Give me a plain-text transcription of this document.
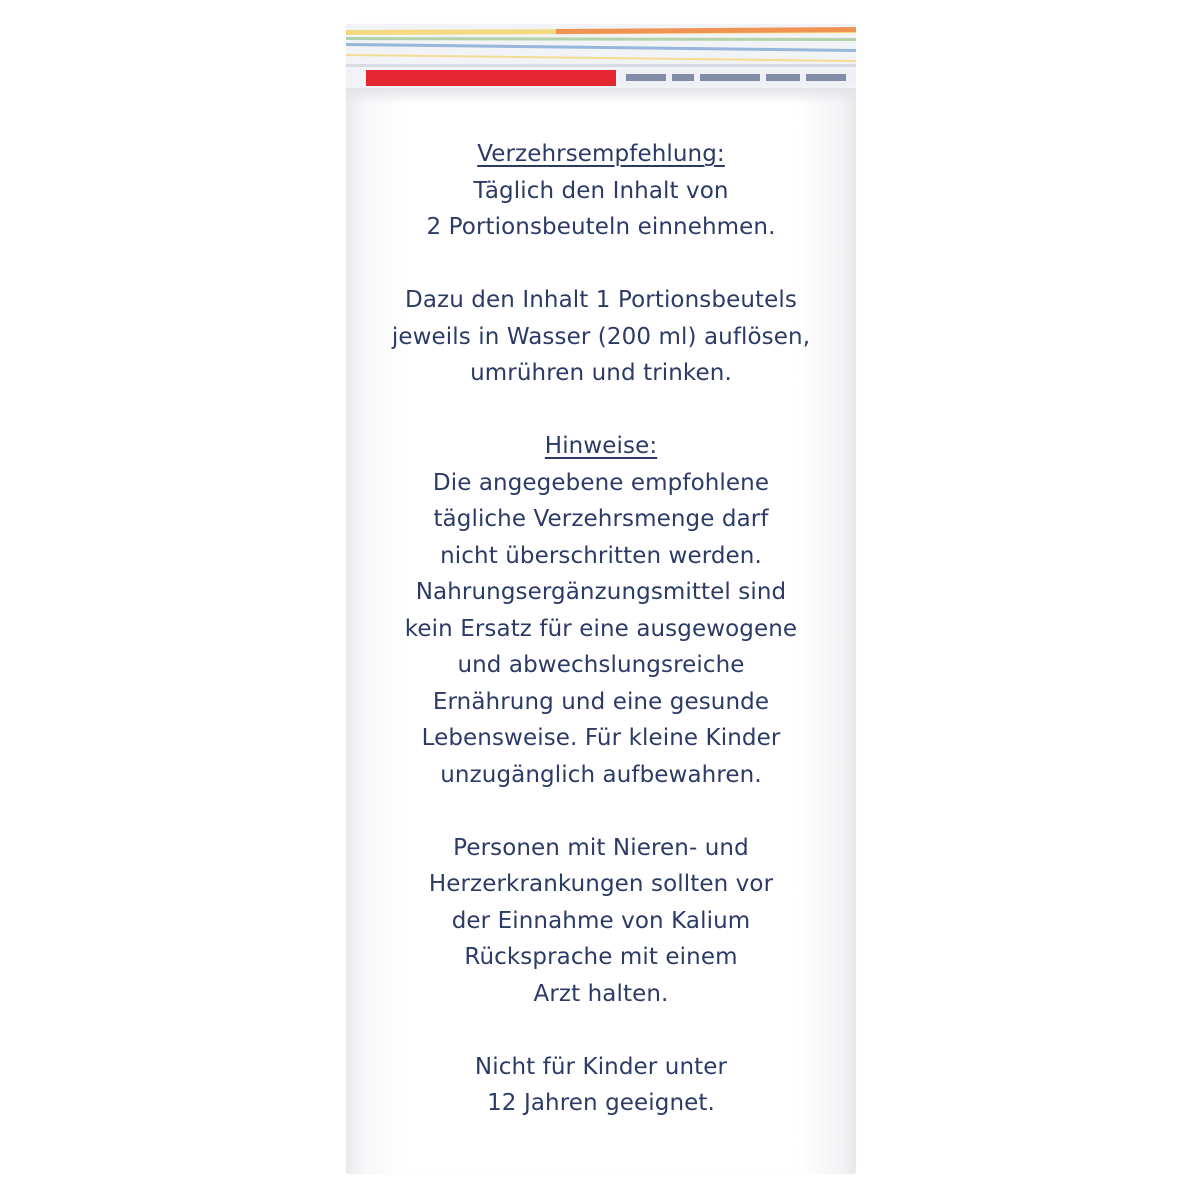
Verzehrsempfehlung:
Täglich den Inhalt von
2 Portionsbeuteln einnehmen.
Dazu den Inhalt 1 Portionsbeutels
jeweils in Wasser (200 ml) auflösen,
umrühren und trinken.
Hinweise:
Die angegebene empfohlene
tägliche Verzehrsmenge darf
nicht überschritten werden.
Nahrungsergänzungsmittel sind
kein Ersatz für eine ausgewogene
und abwechslungsreiche
Ernährung und eine gesunde
Lebensweise. Für kleine Kinder
unzugänglich aufbewahren.
Personen mit Nieren- und
Herzerkrankungen sollten vor
der Einnahme von Kalium
Rücksprache mit einem
Arzt halten.
Nicht für Kinder unter
12 Jahren geeignet.
